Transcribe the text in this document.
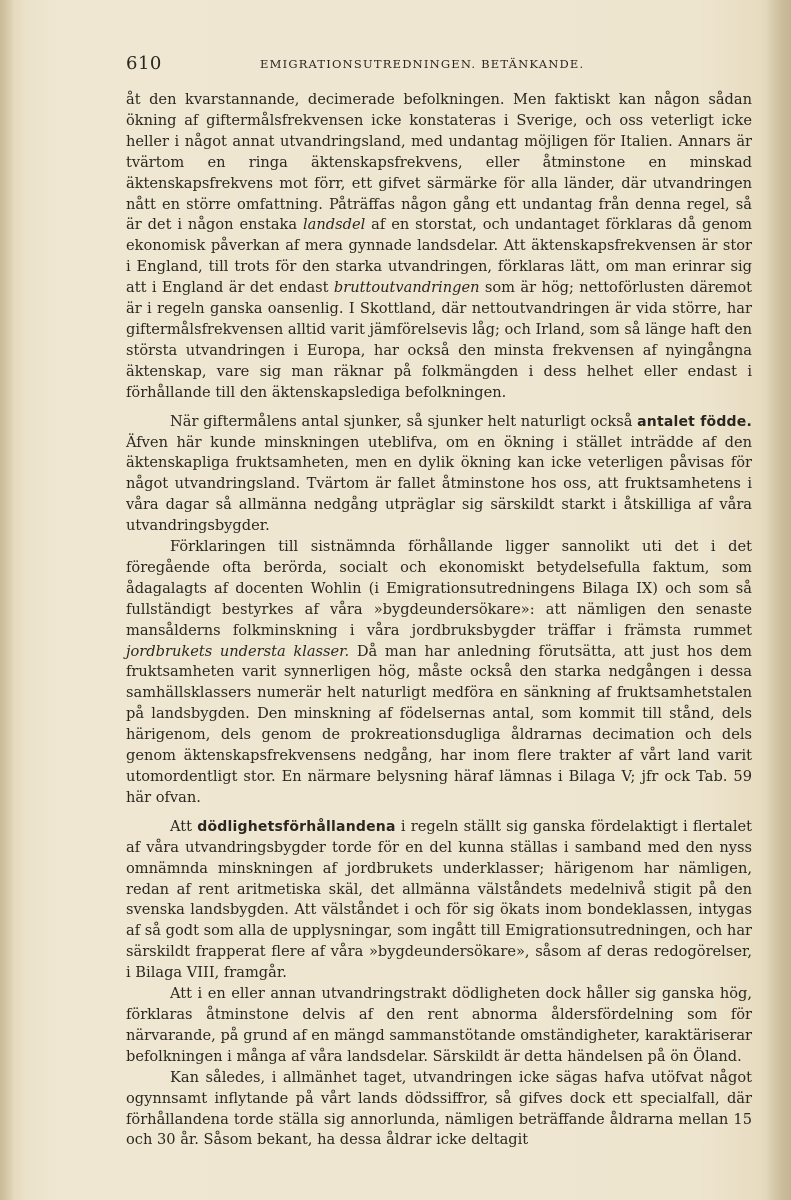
610	EMIGRATIONSUTREDNINGEN. BETÄNKANDE.

åt den kvarstannande, decimerade befolkningen. Men faktiskt kan någon sådan ökning af giftermålsfrekvensen icke konstateras i Sverige, och oss veterligt icke heller i något annat utvandringsland, med undantag möjligen för Italien. Annars är tvärtom en ringa äktenskapsfrekvens, eller åtminstone en minskad äktenskapsfrekvens mot förr, ett gifvet särmärke för alla länder, där utvandringen nått en större omfattning. Påträffas någon gång ett undantag från denna regel, så är det i någon enstaka landsdel af en storstat, och undantaget förklaras då genom ekonomisk påverkan af mera gynnade landsdelar. Att äktenskapsfrekvensen är stor i England, till trots för den starka utvandringen, förklaras lätt, om man erinrar sig att i England är det endast bruttoutvandringen som är hög; nettoförlusten däremot är i regeln ganska oansenlig. I Skottland, där nettoutvandringen är vida större, har giftermålsfrekvensen alltid varit jämförelsevis låg; och Irland, som så länge haft den största utvandringen i Europa, har också den minsta frekvensen af nyingångna äktenskap, vare sig man räknar på folkmängden i dess helhet eller endast i förhållande till den äktenskapslediga befolkningen.

När giftermålens antal sjunker, så sjunker helt naturligt också antalet födde. Äfven här kunde minskningen uteblifva, om en ökning i stället inträdde af den äktenskapliga fruktsamheten, men en dylik ökning kan icke veterligen påvisas för något utvandringsland. Tvärtom är fallet åtminstone hos oss, att fruktsamhetens i våra dagar så allmänna nedgång utpräglar sig särskildt starkt i åtskilliga af våra utvandringsbygder.

Förklaringen till sistnämnda förhållande ligger sannolikt uti det i det föregående ofta berörda, socialt och ekonomiskt betydelsefulla faktum, som ådagalagts af docenten Wohlin (i Emigrationsutredningens Bilaga IX) och som så fullständigt bestyrkes af våra »bygdeundersökare»: att nämligen den senaste mansålderns folkminskning i våra jordbruksbygder träffar i främsta rummet jordbrukets understa klasser. Då man har anledning förutsätta, att just hos dem fruktsamheten varit synnerligen hög, måste också den starka nedgången i dessa samhällsklassers numerär helt naturligt medföra en sänkning af fruktsamhetstalen på landsbygden. Den minskning af födelsernas antal, som kommit till stånd, dels härigenom, dels genom de prokreationsdugliga åldrarnas decimation och dels genom äktenskapsfrekvensens nedgång, har inom flere trakter af vårt land varit utomordentligt stor. En närmare belysning häraf lämnas i Bilaga V; jfr ock Tab. 59 här ofvan.

Att dödlighetsförhållandena i regeln ställt sig ganska fördelaktigt i flertalet af våra utvandringsbygder torde för en del kunna ställas i samband med den nyss omnämnda minskningen af jordbrukets underklasser; härigenom har nämligen, redan af rent aritmetiska skäl, det allmänna välståndets medelnivå stigit på den svenska landsbygden. Att välståndet i och för sig ökats inom bondeklassen, intygas af så godt som alla de upplysningar, som ingått till Emigrationsutredningen, och har särskildt frapperat flere af våra »bygdeundersökare», såsom af deras redogörelser, i Bilaga VIII, framgår.

Att i en eller annan utvandringstrakt dödligheten dock håller sig ganska hög, förklaras åtminstone delvis af den rent abnorma åldersfördelning som för närvarande, på grund af en mängd sammanstötande omständigheter, karaktäriserar befolkningen i många af våra landsdelar. Särskildt är detta händelsen på ön Öland.

Kan således, i allmänhet taget, utvandringen icke sägas hafva utöfvat något ogynnsamt inflytande på vårt lands dödssiffror, så gifves dock ett specialfall, där förhållandena torde ställa sig annorlunda, nämligen beträffande åldrarna mellan 15 och 30 år. Såsom bekant, ha dessa åldrar icke deltagit
